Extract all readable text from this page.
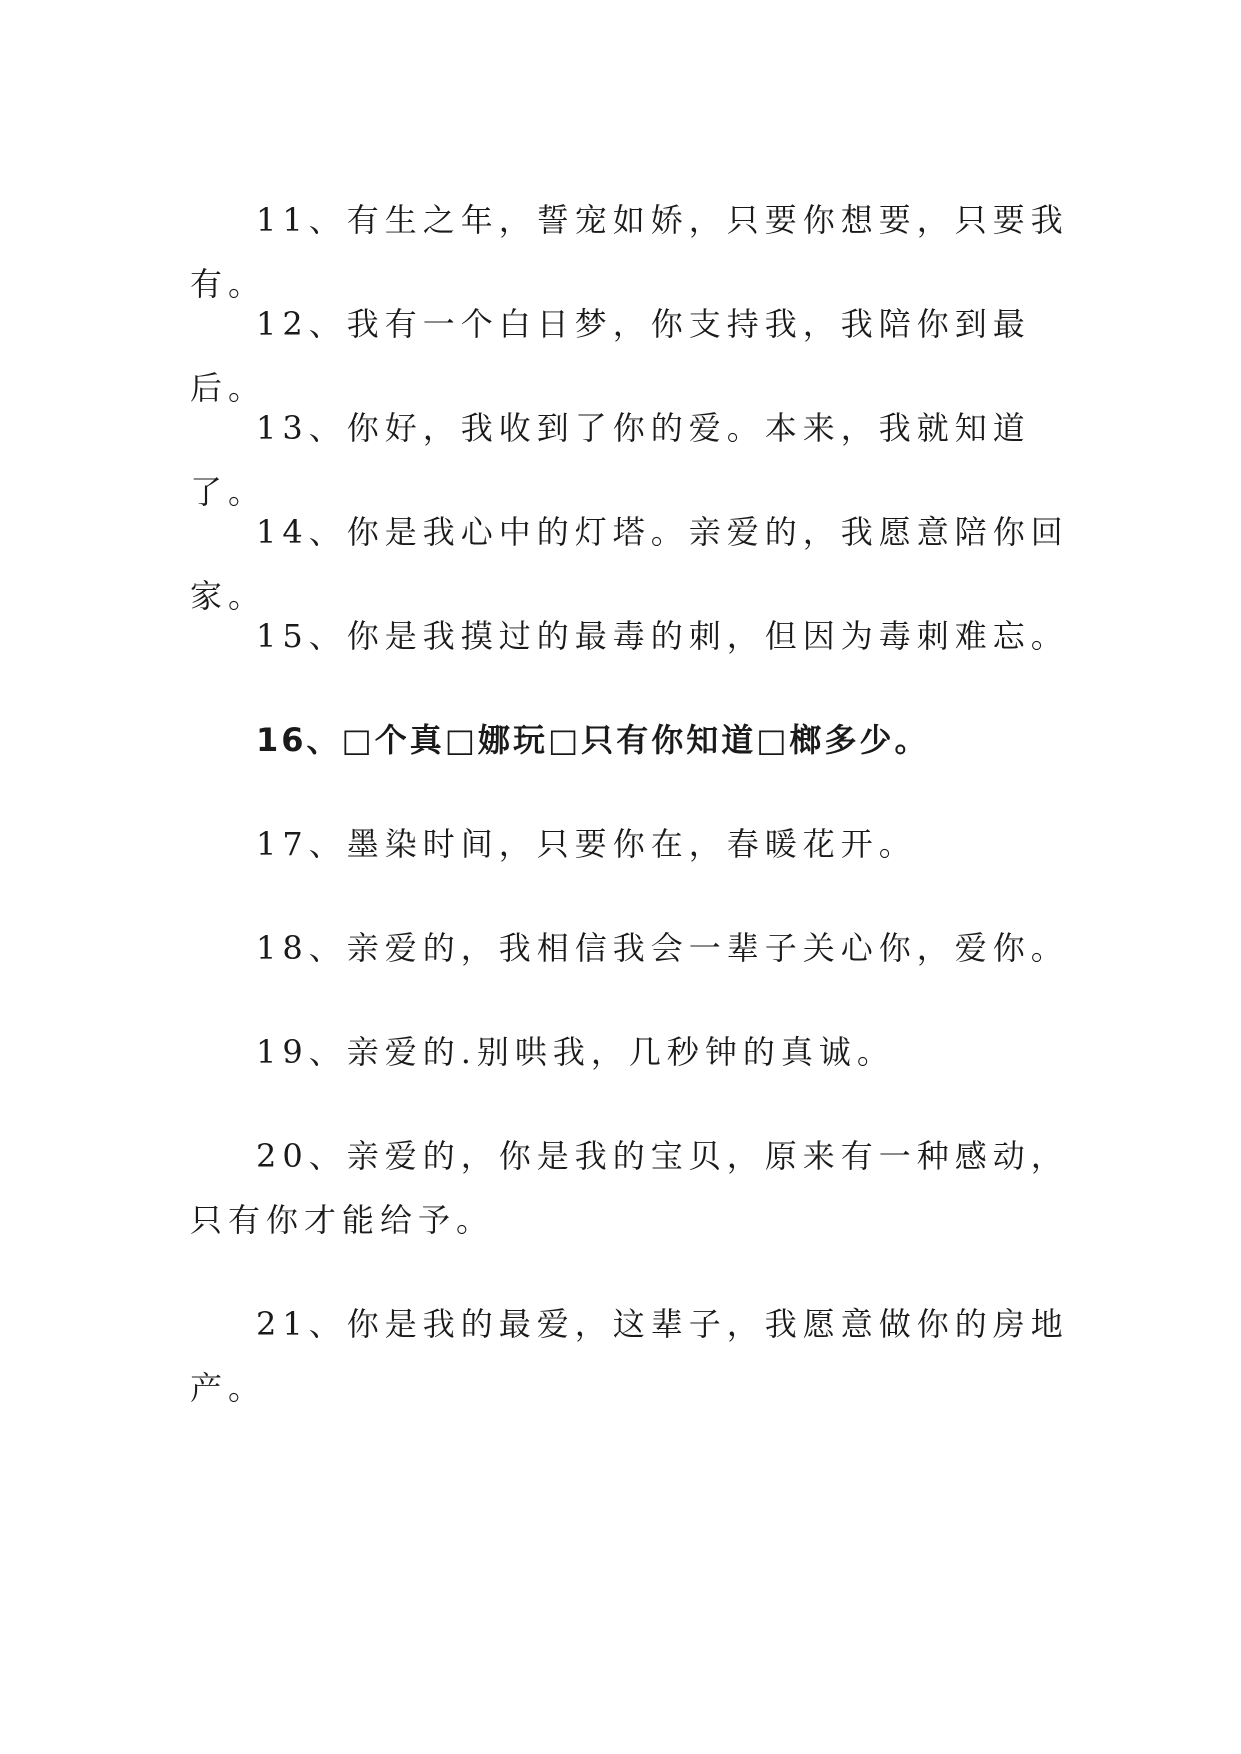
11、有生之年，誓宠如娇，只要你想要，只要我有。
12、我有一个白日梦，你支持我，我陪你到最后。
13、你好，我收到了你的爱。本来，我就知道了。
14、你是我心中的灯塔。亲爱的，我愿意陪你回家。
15、你是我摸过的最毒的刺，但因为毒刺难忘。
16、□个真□娜玩□只有你知道□榔多少。
17、墨染时间，只要你在，春暖花开。
18、亲爱的，我相信我会一辈子关心你，爱你。
19、亲爱的.别哄我，几秒钟的真诚。
20、亲爱的，你是我的宝贝，原来有一种感动，只有你才能给予。
21、你是我的最爱，这辈子，我愿意做你的房地产。
